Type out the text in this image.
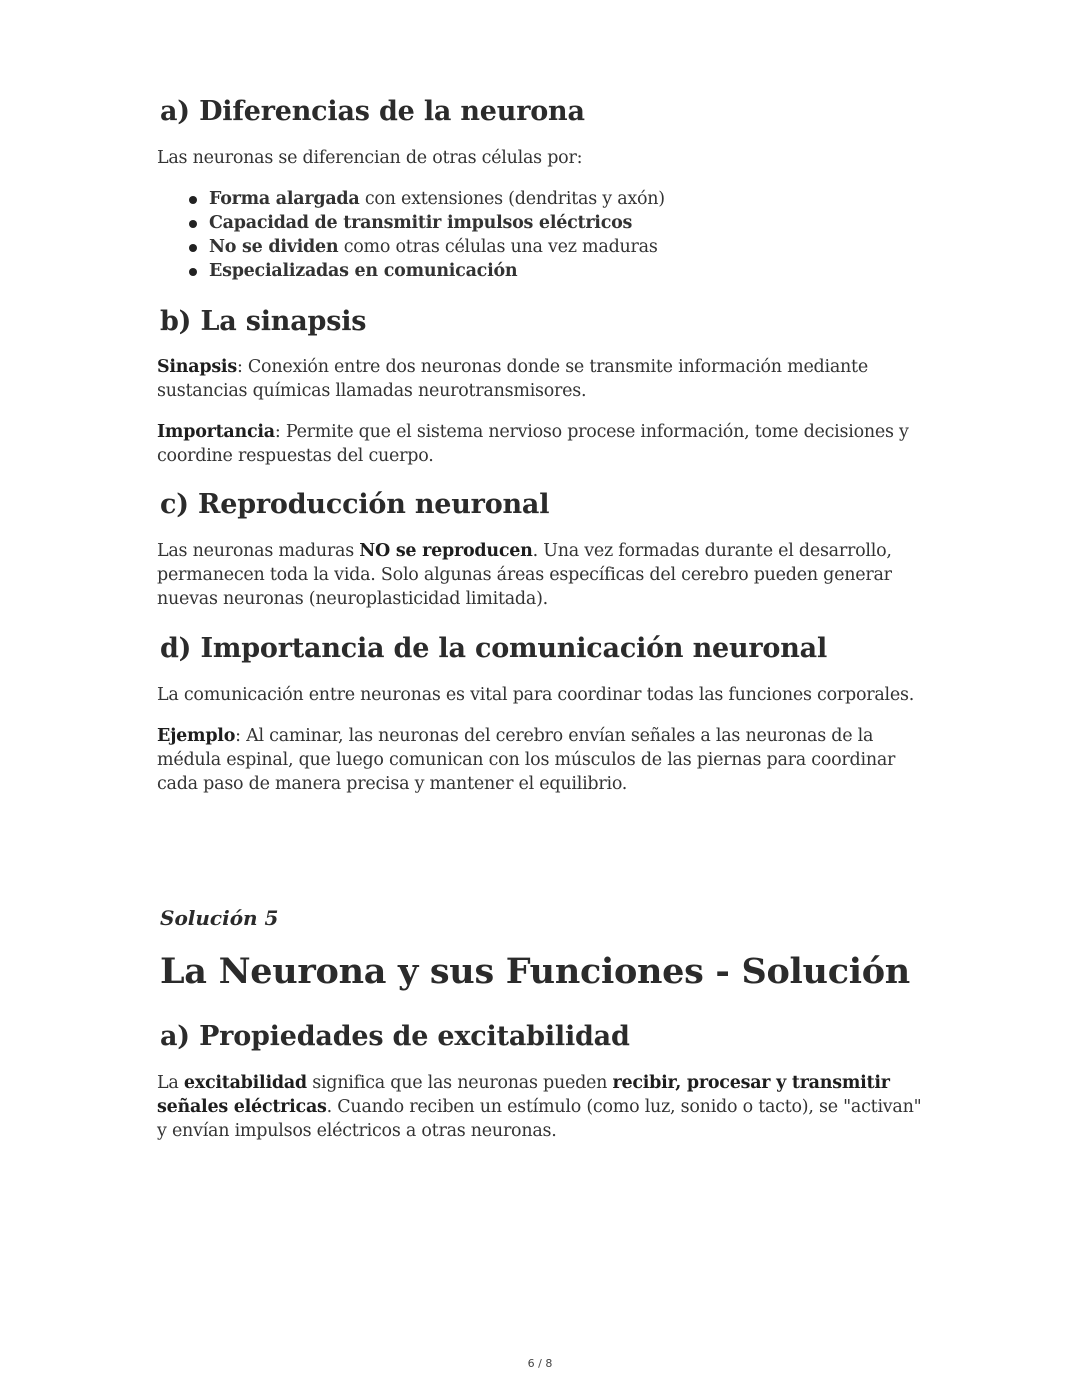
a) Diferencias de la neurona

Las neuronas se diferencian de otras células por:

Forma alargada con extensiones (dendritas y axón)
Capacidad de transmitir impulsos eléctricos
No se dividen como otras células una vez maduras
Especializadas en comunicación
b) La sinapsis

Sinapsis: Conexión entre dos neuronas donde se transmite información mediante sustancias químicas llamadas neurotransmisores.

Importancia: Permite que el sistema nervioso procese información, tome decisiones y coordine respuestas del cuerpo.

c) Reproducción neuronal

Las neuronas maduras NO se reproducen. Una vez formadas durante el desarrollo, permanecen toda la vida. Solo algunas áreas específicas del cerebro pueden generar nuevas neuronas (neuroplasticidad limitada).

d) Importancia de la comunicación neuronal

La comunicación entre neuronas es vital para coordinar todas las funciones corporales.

Ejemplo: Al caminar, las neuronas del cerebro envían señales a las neuronas de la médula espinal, que luego comunican con los músculos de las piernas para coordinar cada paso de manera precisa y mantener el equilibrio.

Solución 5
La Neurona y sus Funciones - Solución
a) Propiedades de excitabilidad

La excitabilidad significa que las neuronas pueden recibir, procesar y transmitir señales eléctricas. Cuando reciben un estímulo (como luz, sonido o tacto), se "activan" y envían impulsos eléctricos a otras neuronas.

6 / 8
